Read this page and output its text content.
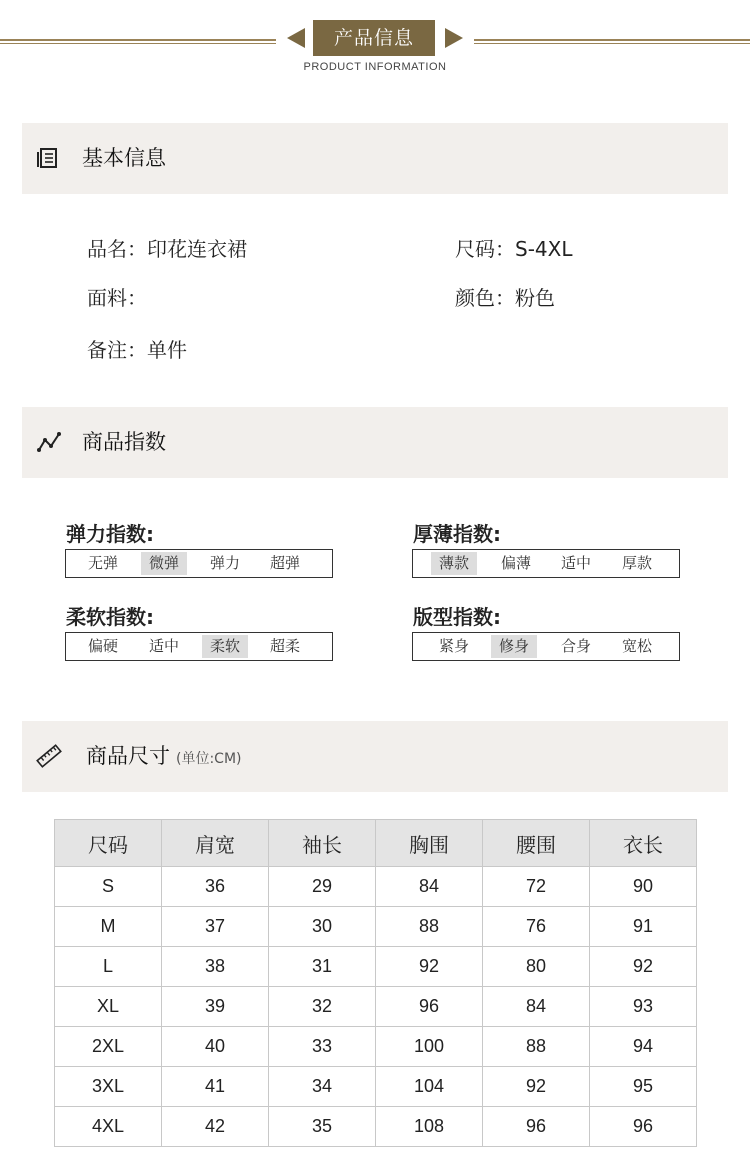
产品信息
PRODUCT INFORMATION
基本信息
品名：印花连衣裙	尺码：S-4XL
面料：	颜色：粉色
备注：单件
商品指数
弹力指数:
无弹	微弹	弹力	超弹
厚薄指数:
薄款	偏薄	适中	厚款
柔软指数:
偏硬	适中	柔软	超柔
版型指数:
紧身	修身	合身	宽松
商品尺寸 (单位:CM)
尺码	肩宽	袖长	胸围	腰围	衣长
S	36	29	84	72	90
M	37	30	88	76	91
L	38	31	92	80	92
XL	39	32	96	84	93
2XL	40	33	100	88	94
3XL	41	34	104	92	95
4XL	42	35	108	96	96
